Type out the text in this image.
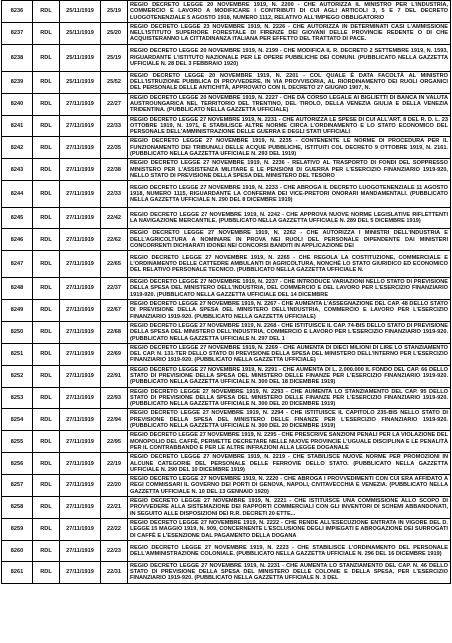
8236	RDL	25/11/1919	25/19	REGIO DECRETO LEGGE 20 NOVEMBRE 1919, N. 2200 - CHE AUTORIZZA IL MINISTRO PER L'INDUSTRIA, COMMERCIO E LAVORO A MODIFICARE I CONTRIBUTI DI CUI AGLI ARTICOLI 3, 5 E 7 DEL DECRETO LUOGOTENENZIALE 5 AGOSTO 1918, NUMERO 1112, RELATIVO ALL'IMPIEGO OBBLIGATORIO
8237	RDL	25/11/1919	25/20	REGIO DECRETO LEGGE 23 NOVEMBRE 1919, N. 2226 - CHE AUTORIZZA IN DETERMINATI CASI L'AMMISSIONE NELL'ISTITUTO SUPERIORE FORESTALE DI FIRENZE DEI GIOVANI DELLE PROVINCIE REDENTE O DI CHE ACQUISTERANNO LA CITTADINANZA ITALIANA PER EFFETTO DEL TRATTATO DI PACE.
8238	RDL	25/11/1919	25/19	REGIO DECRETO LEGGE 20 NOVEMBRE 1919, N. 2199 - CHE MODIFICA IL R. DECRETO 2 SETTEMBRE 1919, N. 1593, RIGUARDANTE L'ISTITUTO NAZIONALE PER LE OPERE PUBBLICHE DEI COMUNI. (PUBBLICATO NELLA GAZZETTA UFFICIALE N. 28 DEL 3 FEBBRAIO 1920)
8239	RDL	25/11/1919	25/52	REGIO DECRETO LEGGE 20 NOVEMBRE 1919, N. 2201 - COL QUALE È DATA FACOLTÀ AL MINISTRO DELL'ISTRUZIONE PUBBLICA DI PROVVEDERE, IN VIA PROVVISORIA, AL RIORDINAMENTO DEI RUOLI ORGANICI DEL PERSONALE DELLE ANTICHITÀ, APPROVATO CON IL DECRETO 27 GIUGNO 1907, N.
8240	RDL	27/11/1919	22/27	REGIO DECRETO LEGGE 20 NOVEMBRE 1919, N. 2227 - CHE DÀ CORSO LEGALE AI BIGLIETTI DI BANCA IN VALUTA AUSTROUNGARICA NEL TERRITORIO DEL TRENTINO, DEL TIROLO, DELLA VENEZIA GIULIA E DELLA VENEZIA TRIDENTINA. (PUBBLICATO NELLA GAZZETTA UFFICIALE)
8241	RDL	27/11/1919	22/33	REGIO DECRETO LEGGE 27 NOVEMBRE 1919, N. 2231 - CHE AUTORIZZA LE SPESE DI CUI ALL'ART. 8 DEL R. D. L. 23 OTTOBRE 1919, N. 1971, E STABILISCE ALTRE NORME CIRCA L'ORDINAMENTO E LO STATO ECONOMICO DEL PERSONALE DELL'AMMINISTRAZIONE DELLE GUERRA E DEGLI STATI UFFICIALI
8242	RDL	27/11/1919	22/35	REGIO DECRETO LEGGE 27 NOVEMBRE 1919, N. 2235 - CONTENENTE LE NORME DI PROCEDURA PER IL FUNZIONAMENTO DEI TRIBUNALI DELLE ACQUE PUBBLICHE, ISTITUITI COL DECRETO 9 OTTOBRE 1919, N. 2161. (PUBBLICATO NELLA GAZZETTA UFFICIALE N. 293 DEL 1919)
8243	RDL	27/11/1919	22/38	REGIO DECRETO LEGGE 27 NOVEMBRE 1919, N. 2236 - RELATIVO AL TRASPORTO DI FONDI DEL SOPPRESSO MINISTERO PER L'ASSISTENZA MILITARE E LE PENSIONI DI GUERRA PER L'ESERCIZIO FINANZIARIO 1919-920, NELLO STATO DI PREVISIONE DELLA SPESA DEL MINISTERO DEL TESORO
8244	RDL	27/11/1919	22/33	REGIO DECRETO LEGGE 27 NOVEMBRE 1919, N. 2233 - CHE ABROGA IL DECRETO LUOGOTENENZIALE 11 AGOSTO 1918, NUMERO 1115, RIGUARDANTE LA CONFERMA DEI VICE-PRETORI ONORARI MANDAMENTALI. (PUBBLICATO NELLA GAZZETTA UFFICIALE N. 290 DEL 8 DICEMBRE 1919)
8245	RDL	27/11/1919	22/42	REGIO DECRETO LEGGE 27 NOVEMBRE 1919, N. 2242 - CHE APPROVA NUOVE NORME LEGISLATIVE RIFLETTENTI LA NAVIGAZIONE MERCANTILE. (PUBBLICATO NELLA GAZZETTA UFFICIALE N. 289 DEL 5 DICEMBRE 1919)
8246	RDL	27/11/1919	22/62	REGIO DECRETO LEGGE 27 NOVEMBRE 1919, N. 2262 - CHE AUTORIZZA I MINISTRI DELL'INDUSTRIA E DELL'AGRICOLTURA A NOMINARE IN PROVA NEI RUOLI DEL PERSONALE DIPENDENTE DAI MINISTERI CONCORRENTI DICHIARATI IDONEI NEI CONCORSI BANDITI IN APPLICAZIONE DEI
8247	RDL	27/11/1919	22/65	REGIO DECRETO LEGGE 27 NOVEMBRE 1919, N. 2265 - CHE REGOLA LA COSTITUZIONE, COMMERCIALE E L'ORDINAMENTO DELLE CATTEDRE AMBULANTI DI AGRICOLTURA, NONCHÈ LO STATO GIURIDICO ED ECONOMICO DEL RELATIVO PERSONALE TECNICO. (PUBBLICATO NELLA GAZZETTA UFFICIALE N.
8248	RDL	27/11/1919	22/37	REGIO DECRETO LEGGE 27 NOVEMBRE 1919, N. 2237 - CHE INTRODUCE VARIAZIONI NELLO STATO DI PREVISIONE DELLA SPESA DEL MINISTERO DELL'INDUSTRIA, DEL COMMERCIO E DEL LAVORO PER L'ESERCIZIO FINANZIARIO 1919-920. (PUBBLICATO NELLA GAZZETTA UFFICIALE DEL 14 DICEMBRE
8249	RDL	27/11/1919	22/67	REGIO DECRETO LEGGE 27 NOVEMBRE 1919, N. 2267 - CHE AUMENTA L'ASSEGNAZIONE DEL CAP. 48 DELLO STATO DI PREVISIONE DELLA SPESA DEL MINISTERO DELL'INDUSTRIA, COMMERCIO E LAVORO PER L'ESERCIZIO FINANZIARIO 1919-920. (PUBBLICATO NELLA GAZZETTA UFFICIALE)
8250	RDL	27/11/1919	22/68	REGIO DECRETO LEGGE 27 NOVEMBRE 1919, N. 2268 - CHE ISTITUISCE IL CAP. 74-BIS DELLO STATO DI PREVISIONE DELLA SPESA DEL MINISTERO DELL'INDUSTRIA, COMMERCIO E LAVORO PER L'ESERCIZIO FINANZIARIO 1919-920. (PUBBLICATO NELLA GAZZETTA UFFICIALE N. 297 DEL 1
8251	RDL	27/11/1919	22/69	REGIO DECRETO LEGGE 27 NOVEMBRE 1919, N. 2269 - CHE AUMENTA DI DIECI MILIONI DI LIRE LO STANZIAMENTO DEL CAP. N. 131-TER DELLO STATO DI PREVISIONE DELLA SPESA DEL MINISTERO DELL'INTERNO PER L'ESERCIZIO FINANZIARIO 1919-920. (PUBBLICATO NELLA GAZZETTA UFFICIALE)
8252	RDL	27/11/1919	22/91	REGIO DECRETO LEGGE 27 NOVEMBRE 1919, N. 2291 - CHE AUMENTA DI L. 2.000.000 IL FONDO DEL CAP. 66 DELLO STATO DI PREVISIONE DELLA SPESA DEL MINISTERO DELLE FINANZE PER L'ESERCIZIO FINANZIARIO 1919-920. (PUBBLICATO NELLA GAZZETTA UFFICIALE N. 300 DEL 18 DICEMBRE 1919)
8253	RDL	27/11/1919	22/93	REGIO DECRETO LEGGE 27 NOVEMBRE 1919, N. 2293 - CHE AUMENTA LO STANZIAMENTO DEL CAP. 95 DELLO STATO DI PREVISIONE DELLA SPESA DEL MINISTERO DELLE FINANZE PER L'ESERCIZIO FINANZIARIO 1919-920. (PUBBLICATO NELLA GAZZETTA UFFICIALE N. 300 DEL 20 DICEMBRE 1919)
8254	RDL	27/11/1919	22/94	REGIO DECRETO LEGGE 27 NOVEMBRE 1919, N. 2294 - CHE ISTITUISCE IL CAPITOLO 235-BIS NELLO STATO DI PREVISIONE DELLA SPESA DEL MINISTERO DELLE FINANZE PER L'ESERCIZIO FINANZIARIO 1919-920. (PUBBLICATO NELLA GAZZETTA UFFICIALE N. 300 DEL 20 DICEMBRE 1919)
8255	RDL	27/11/1919	22/95	REGIO DECRETO LEGGE 27 NOVEMBRE 1919, N. 2295 - CHE PRESCRIVE SANZIONI PENALI PER LA VIOLAZIONE DEL MONOPOLIO DEL CAFFÈ, PERMETTE DECRETARE NELLE NUOVE PROVINCIE L'UGUALE DISCIPLINA E LE PENALITÀ PER IL CONTRABBANDO E PER LE ALTRE INFRAZIONI ALLA LEGGE DOGANALE
8256	RDL	27/11/1919	22/19	REGIO DECRETO LEGGE 27 NOVEMBRE 1919, N. 2219 - CHE STABILISCE NUOVE NORME PER PROMOZIONI IN ALCUNE CATEGORIE DEL PERSONALE DELLE FERROVIE DELLO STATO. (PUBBLICATO NELLA GAZZETTA UFFICIALE N. 290 DEL 10 DICEMBRE 1919)
8257	RDL	27/11/1919	22/20	REGIO DECRETO LEGGE 27 NOVEMBRE 1919, N. 2220 - CHE ABROGA I PROVVEDIMENTI CON CUI ERA AFFIDATO A REGI COMMISSARI IL GOVERNO DEI PORTI DI GENOVA, NAPOLI, CIVITAVECCHIA E VENEZIA. (PUBBLICATO NELLA GAZZETTA UFFICIALE N. 10 DEL 13 GENNAIO 1920)
8258	RDL	27/11/1919	22/21	REGIO DECRETO LEGGE 27 NOVEMBRE 1919, N. 2221 - CHE ISTITUISCE UNA COMMISSIONE ALLO SCOPO DI PROVVEDERE ALLA SISTEMAZIONE DEI RAPPORTI COMMERCIALI CON GLI INVENTORI DI SCHEMI ABBANDONATI, IN SEGUITO ALLE DISPOSIZIONI DEI R.R. DECRETI 20 ETTE...
8259	RDL	27/11/1919	22/22	REGIO DECRETO LEGGE 27 NOVEMBRE 1919, N. 2222 - CHE RENDE ALL'ESECUZIONE ENTRATA IN VIGORE DEL D. LEGGE 15 MAGGIO 1919, N. 909, CONCERNENTE L'ESCLUSIONE DEGLI IMPIEGATI E ABROGAZIONE DEI SURROGATI DI CAFFÈ E L'ESENZIONE DAL PAGAMENTO DELLA DOGANA
8260	RDL	27/11/1919	22/23	REGIO DECRETO LEGGE 27 NOVEMBRE 1919, N. 2223 - CHE STABILISCE L'ORDINAMENTO DEL PERSONALE DELL'AMMINISTRAZIONE COLONIALE. (PUBBLICATO NELLA GAZZETTA UFFICIALE N. 296 DEL 16 DICEMBRE 1919)
8261	RDL	27/11/1919	22/31	REGIO DECRETO LEGGE 27 NOVEMBRE 1919, N. 2231 - CHE AUMENTA LO STANZIAMENTO DEL CAP. N. 46 DELLO STATO DI PREVISIONE DELLA SPESA DEL MINISTERO DELLE COLONIE E DELLA SPESA, PER L'ESERCIZIO FINANZIARIO 1919-920. (PUBBLICATO NELLA GAZZETTA UFFICIALE N. 3 DEL
